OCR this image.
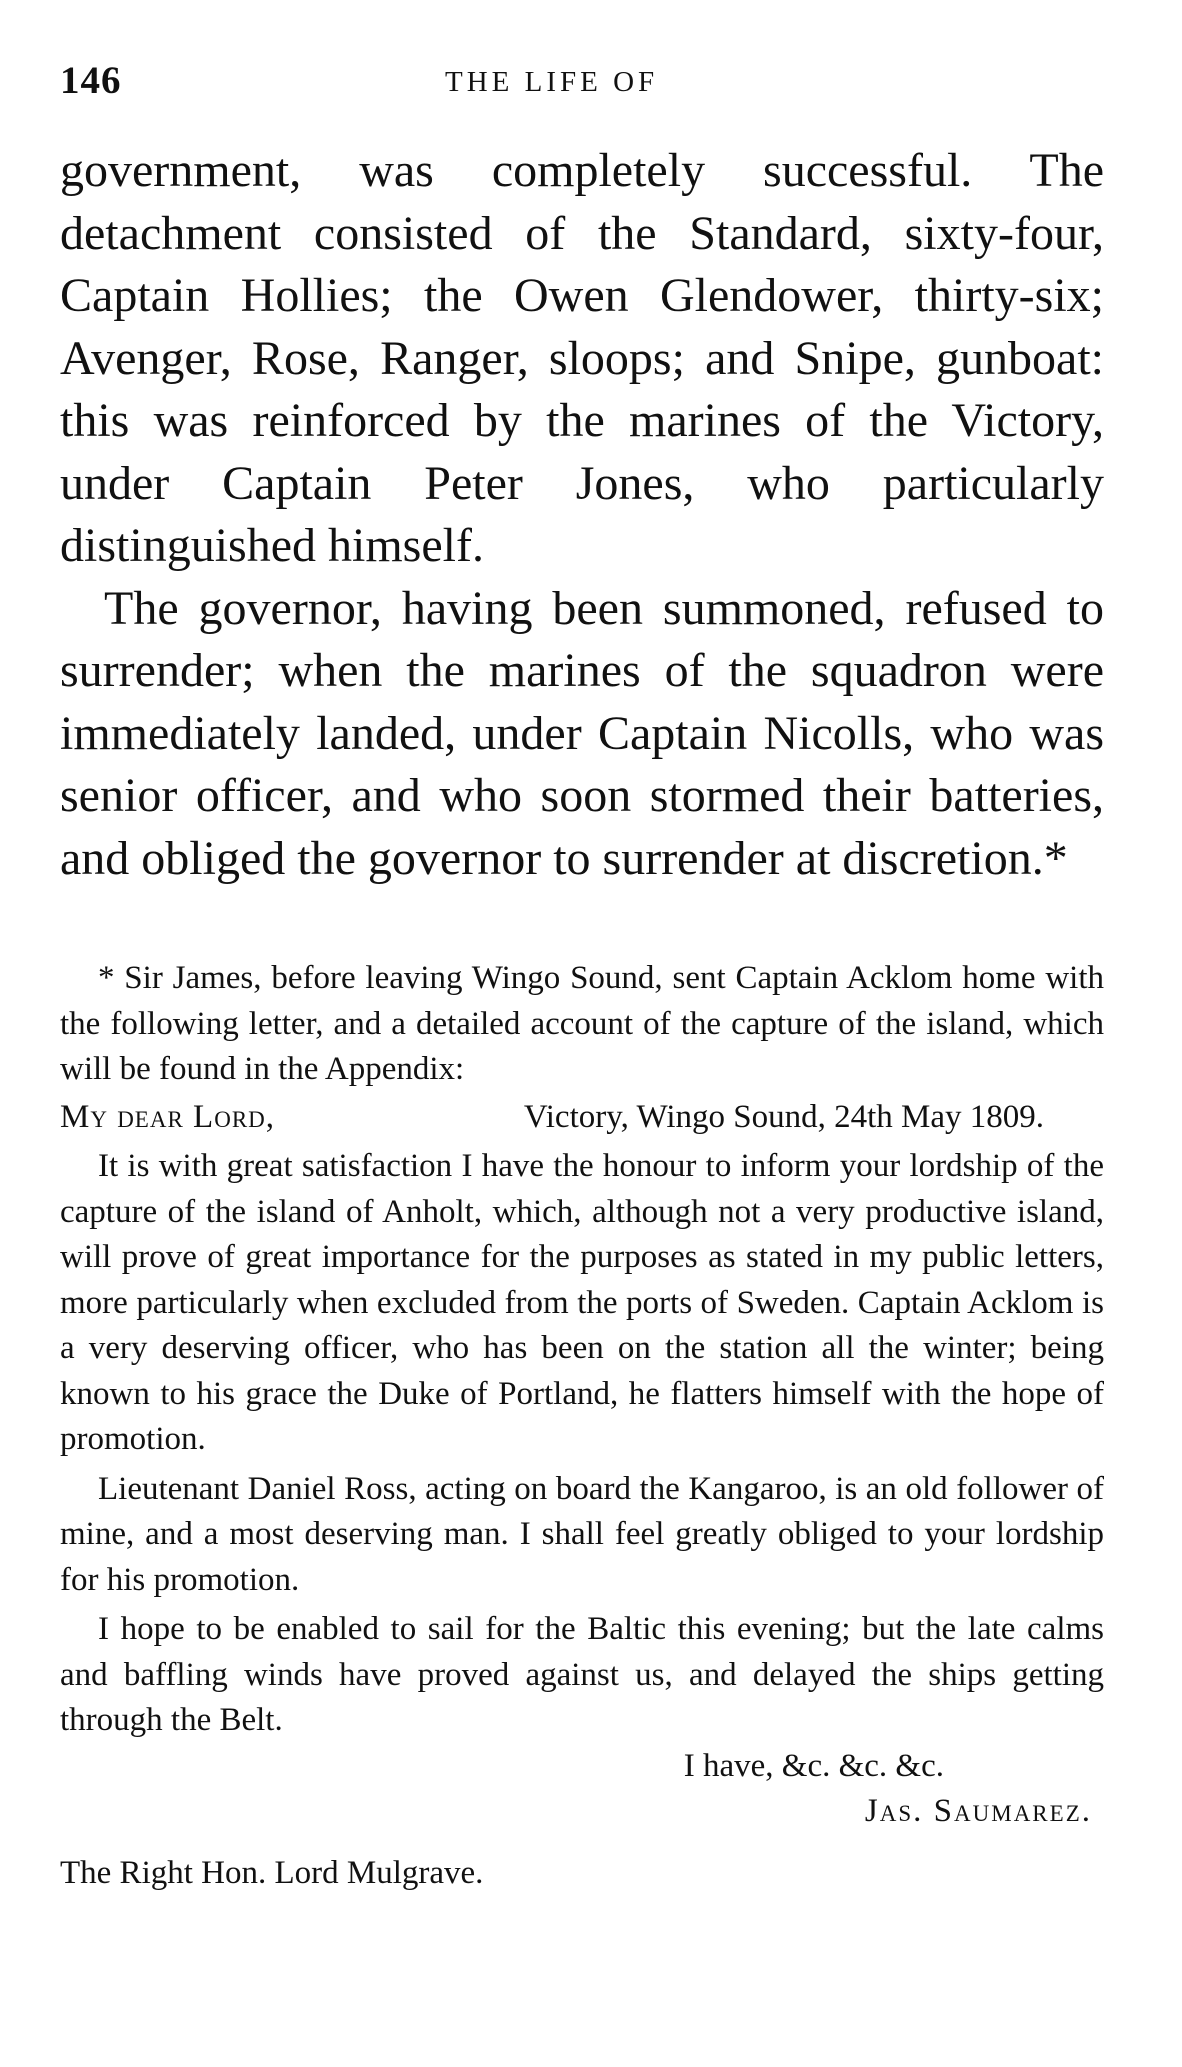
146	THE LIFE OF

government, was completely successful. The detachment consisted of the Standard, sixty-four, Captain Hollies; the Owen Glendower, thirty-six; Avenger, Rose, Ranger, sloops; and Snipe, gunboat: this was reinforced by the marines of the Victory, under Captain Peter Jones, who particularly distinguished himself.

The governor, having been summoned, refused to surrender; when the marines of the squadron were immediately landed, under Captain Nicolls, who was senior officer, and who soon stormed their batteries, and obliged the governor to surrender at discretion.*

* Sir James, before leaving Wingo Sound, sent Captain Acklom home with the following letter, and a detailed account of the capture of the island, which will be found in the Appendix:

My dear Lord,	Victory, Wingo Sound, 24th May 1809.

It is with great satisfaction I have the honour to inform your lordship of the capture of the island of Anholt, which, although not a very productive island, will prove of great importance for the purposes as stated in my public letters, more particularly when excluded from the ports of Sweden. Captain Acklom is a very deserving officer, who has been on the station all the winter; being known to his grace the Duke of Portland, he flatters himself with the hope of promotion.

Lieutenant Daniel Ross, acting on board the Kangaroo, is an old follower of mine, and a most deserving man. I shall feel greatly obliged to your lordship for his promotion.

I hope to be enabled to sail for the Baltic this evening; but the late calms and baffling winds have proved against us, and delayed the ships getting through the Belt.

I have, &c. &c. &c.

Jas. Saumarez.

The Right Hon. Lord Mulgrave.
